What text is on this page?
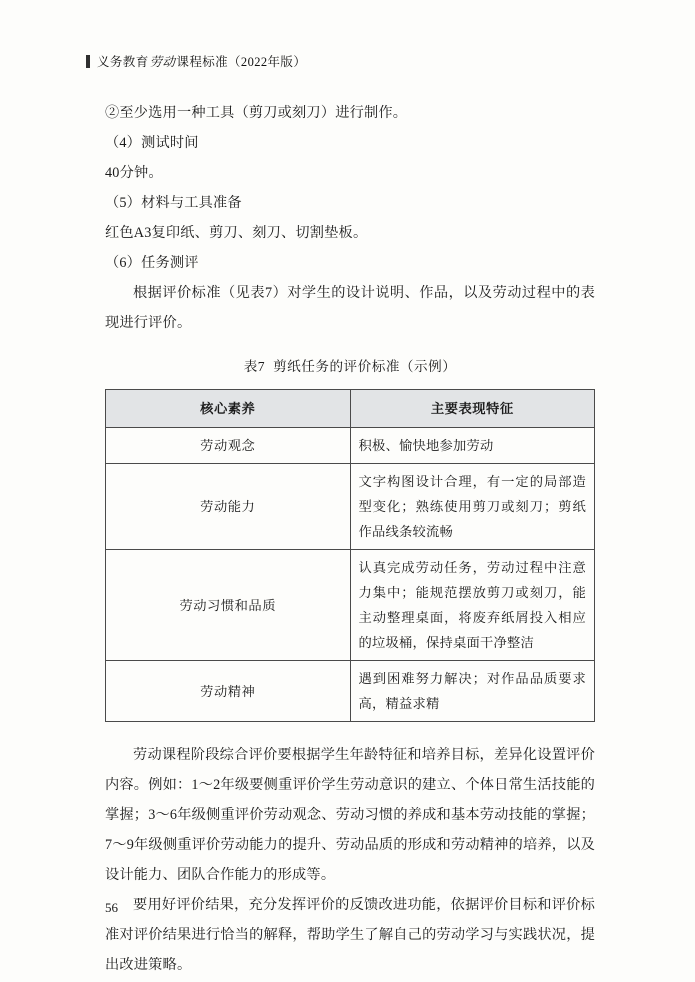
义务教育劳动课程标准（2022年版）

②至少选用一种工具（剪刀或刻刀）进行制作。

（4）测试时间

40分钟。

（5）材料与工具准备

红色A3复印纸、剪刀、刻刀、切割垫板。

（6）任务测评

根据评价标准（见表7）对学生的设计说明、作品，以及劳动过程中的表现进行评价。

表7 剪纸任务的评价标准（示例）
核心素养	主要表现特征
劳动观念	积极、愉快地参加劳动
劳动能力	文字构图设计合理，有一定的局部造型变化；熟练使用剪刀或刻刀；剪纸作品线条较流畅
劳动习惯和品质	认真完成劳动任务，劳动过程中注意力集中；能规范摆放剪刀或刻刀，能主动整理桌面，将废弃纸屑投入相应的垃圾桶，保持桌面干净整洁
劳动精神	遇到困难努力解决；对作品品质要求高，精益求精

劳动课程阶段综合评价要根据学生年龄特征和培养目标，差异化设置评价内容。例如：1～2年级要侧重评价学生劳动意识的建立、个体日常生活技能的掌握；3～6年级侧重评价劳动观念、劳动习惯的养成和基本劳动技能的掌握；7～9年级侧重评价劳动能力的提升、劳动品质的形成和劳动精神的培养，以及设计能力、团队合作能力的形成等。

要用好评价结果，充分发挥评价的反馈改进功能，依据评价目标和评价标准对评价结果进行恰当的解释，帮助学生了解自己的劳动学习与实践状况，提出改进策略。

56
